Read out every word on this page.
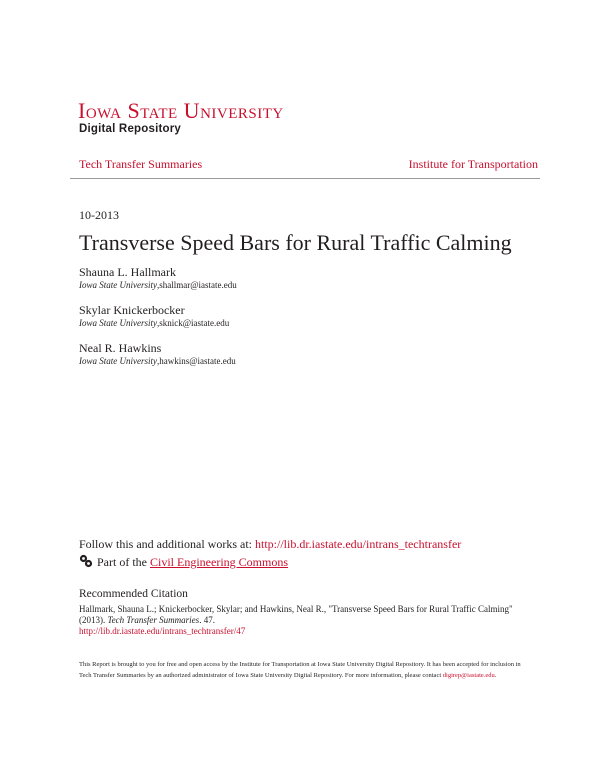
Iowa State University
Digital Repository
Tech Transfer Summaries	Institute for Transportation
10-2013
Transverse Speed Bars for Rural Traffic Calming
Shauna L. Hallmark
Iowa State University,shallmar@iastate.edu
Skylar Knickerbocker
Iowa State University,sknick@iastate.edu
Neal R. Hawkins
Iowa State University,hawkins@iastate.edu
Follow this and additional works at: http://lib.dr.iastate.edu/intrans_techtransfer
Part of the Civil Engineering Commons
Recommended Citation
Hallmark, Shauna L.; Knickerbocker, Skylar; and Hawkins, Neal R., "Transverse Speed Bars for Rural Traffic Calming" (2013). Tech Transfer Summaries. 47.
http://lib.dr.iastate.edu/intrans_techtransfer/47
This Report is brought to you for free and open access by the Institute for Transportation at Iowa State University Digital Repository. It has been accepted for inclusion in Tech Transfer Summaries by an authorized administrator of Iowa State University Digital Repository. For more information, please contact digirep@iastate.edu.
